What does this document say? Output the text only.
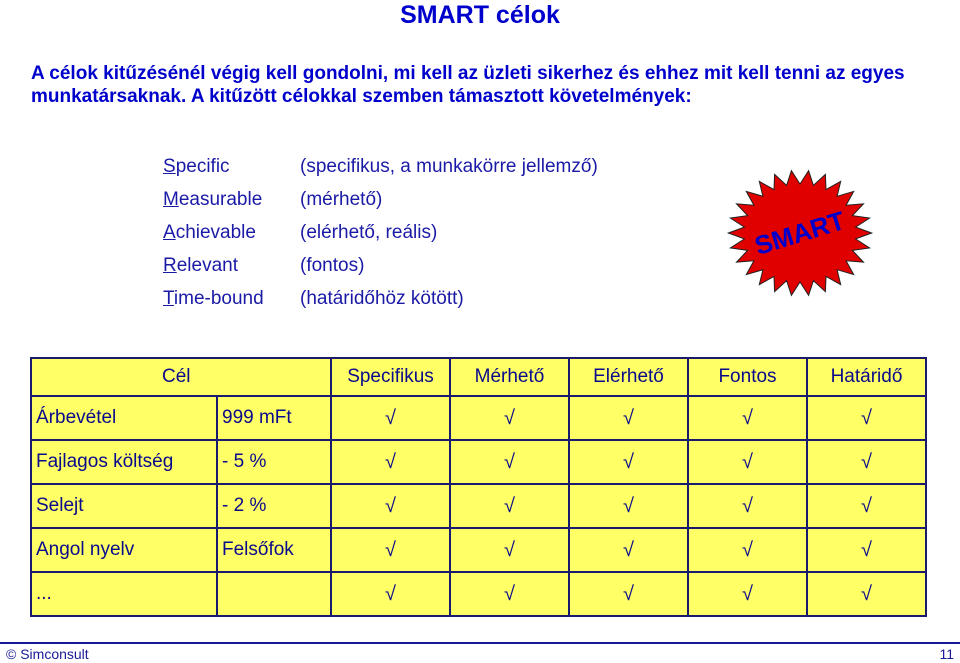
SMART célok
A célok kitűzésénél végig kell gondolni, mi kell az üzleti sikerhez és ehhez mit kell tenni az egyes munkatársaknak. A kitűzött célokkal szemben támasztott követelmények:
Specific	(specifikus, a munkakörre jellemző)
Measurable	(mérhető)
Achievable	(elérhető, reális)
Relevant	(fontos)
Time-bound	(határidőhöz kötött)
SMART
Cél		Specifikus	Mérhető	Elérhető	Fontos	Határidő
Árbevétel	999 mFt	√	√	√	√	√
Fajlagos költség	- 5 %	√	√	√	√	√
Selejt	- 2 %	√	√	√	√	√
Angol nyelv	Felsőfok	√	√	√	√	√
...		√	√	√	√	√
© Simconsult	11
